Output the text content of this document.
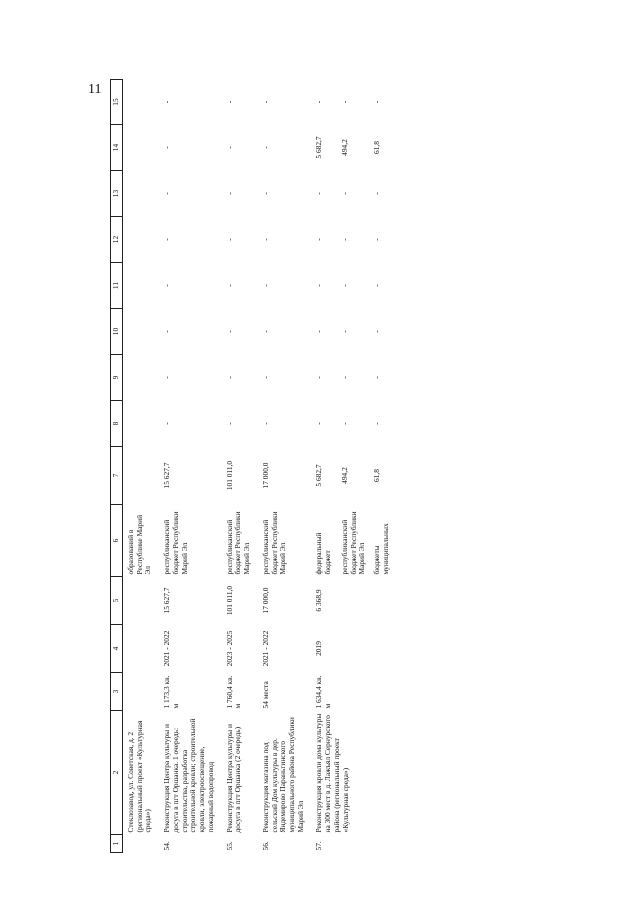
11
1	2	3	4	5	6	7	8	9	10	11	12	13	14	15
	Стеклозавод, ул. Советская, д. 2 (региональный проект «Культурная среда»)				образований в Республике Марий Эл									
54.	Реконструкция Центра культуры и досуга в пгт Оршанка. 1 очередь: строительства, разработка строительной кровли; строительной кровли, электроосвещение, пожарный водопровод	1 173,3 кв. м	2021 - 2022	15 627,7	республиканский бюджет Республики Марий Эл	15 627,7	-	-	-	-	-	-	-	-
55.	Реконструкция Центра культуры и досуга в пгт Оршанка (2 очередь)	1 760,4 кв. м	2023 - 2025	101 011,0	республиканский бюджет Республики Марий Эл	101 011,0	-	-	-	-	-	-	-	-
56.	Реконструкция магазина под сельский Дом культуры в дер. Яндемирово Параньгинского муниципального района Республики Марий Эл	54 места	2021 - 2022	17 000,0	республиканский бюджет Республики Марий Эл	17 000,0	-	-	-	-	-	-	-	-
57.	Реконструкция кровли дома культуры на 300 мест в д. Лажъял Сернурского района (региональный проект «Культурная среда»)	1 634,4 кв. м	2019	6 368,9	федеральный бюджет	5 682,7	-	-	-	-	-	-	5 682,7	-
					республиканский бюджет Республики Марий Эл	494,2	-	-	-	-	-	-	494,2	-
					бюджеты муниципальных	61,8	-	-	-	-	-	-	61,8	-
